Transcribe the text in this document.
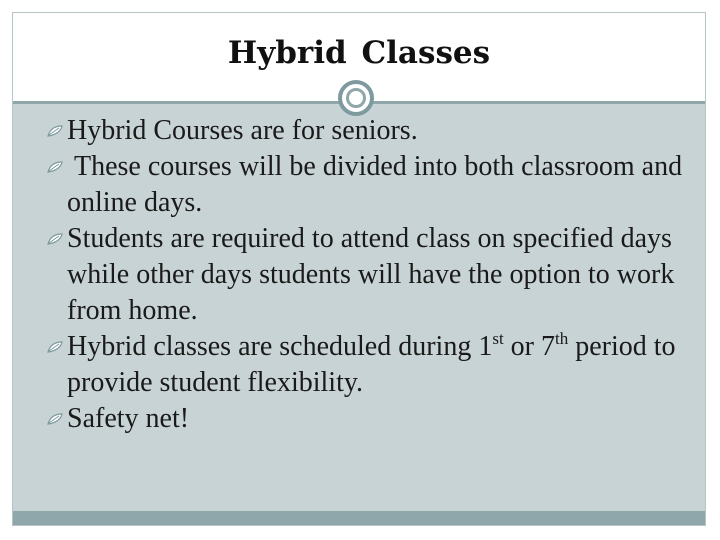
Hybrid Classes
Hybrid Courses are for seniors.
These courses will be divided into both classroom and online days.
Students are required to attend class on specified days while other days students will have the option to work from home.
Hybrid classes are scheduled during 1st or 7th period to provide student flexibility.
Safety net!
